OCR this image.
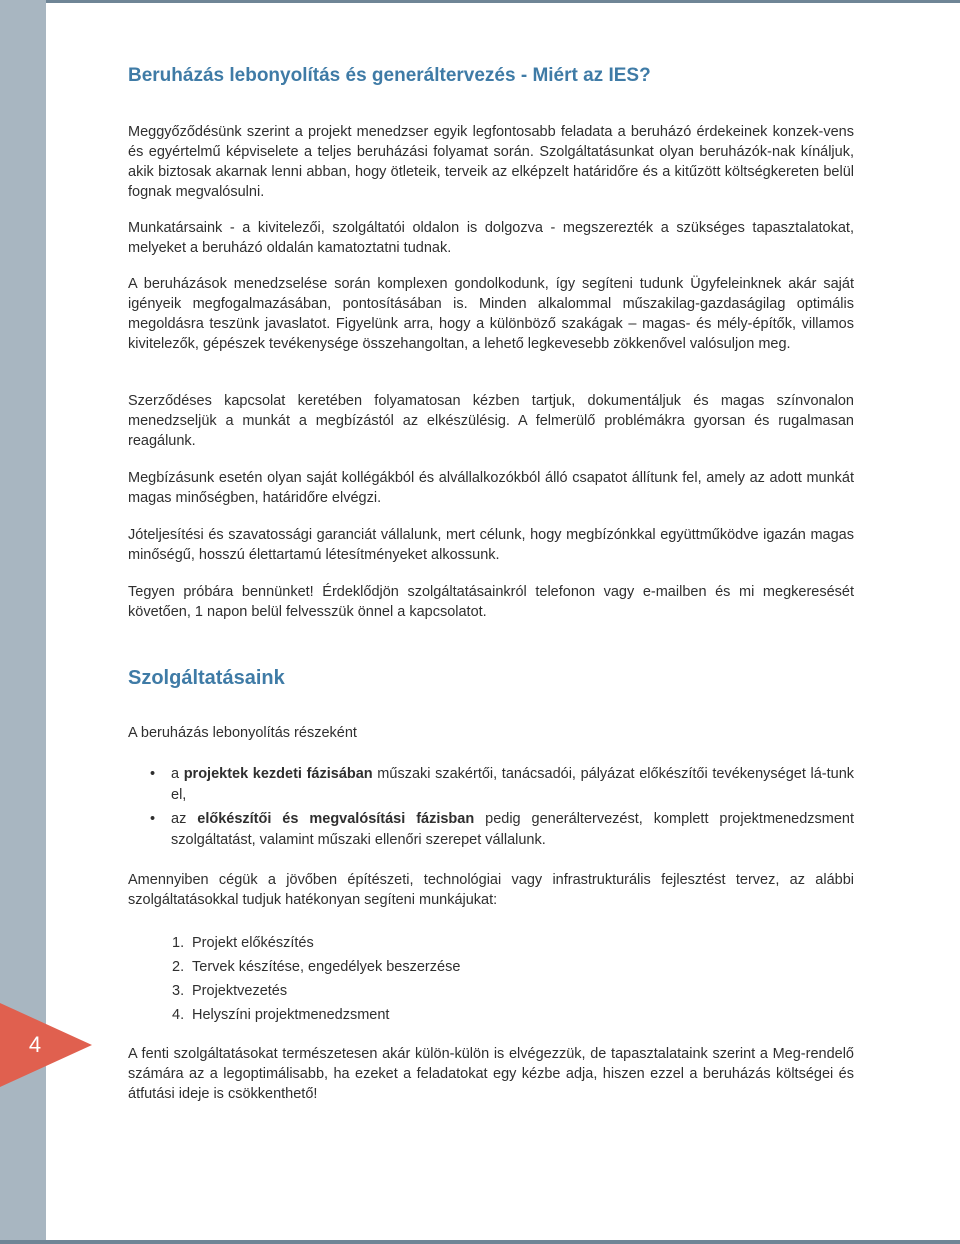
4
Beruházás lebonyolítás és generáltervezés - Miért az IES?

Meggyőződésünk szerint a projekt menedzser egyik legfontosabb feladata a beruházó érdekeinek konzek-vens és egyértelmű képviselete a teljes beruházási folyamat során. Szolgáltatásunkat olyan beruházók-nak kínáljuk, akik biztosak akarnak lenni abban, hogy ötleteik, terveik az elképzelt határidőre és a kitűzött költségkereten belül fognak megvalósulni.

Munkatársaink - a kivitelezői, szolgáltatói oldalon is dolgozva - megszerezték a szükséges tapasztalatokat, melyeket a beruházó oldalán kamatoztatni tudnak.

A beruházások menedzselése során komplexen gondolkodunk, így segíteni tudunk Ügyfeleinknek akár saját igényeik megfogalmazásában, pontosításában is. Minden alkalommal műszakilag-gazdaságilag optimális megoldásra teszünk javaslatot. Figyelünk arra, hogy a különböző szakágak – magas- és mély-építők, villamos kivitelezők, gépészek tevékenysége összehangoltan, a lehető legkevesebb zökkenővel valósuljon meg.

Szerződéses kapcsolat keretében folyamatosan kézben tartjuk, dokumentáljuk és magas színvonalon menedzseljük a munkát a megbízástól az elkészülésig. A felmerülő problémákra gyorsan és rugalmasan reagálunk.

Megbízásunk esetén olyan saját kollégákból és alvállalkozókból álló csapatot állítunk fel, amely az adott munkát magas minőségben, határidőre elvégzi.

Jóteljesítési és szavatossági garanciát vállalunk, mert célunk, hogy megbízónkkal együttműködve igazán magas minőségű, hosszú élettartamú létesítményeket alkossunk.

Tegyen próbára bennünket! Érdeklődjön szolgáltatásainkról telefonon vagy e-mailben és mi megkeresését követően, 1 napon belül felvesszük önnel a kapcsolatot.

Szolgáltatásaink

A beruházás lebonyolítás részeként

• a projektek kezdeti fázisában műszaki szakértői, tanácsadói, pályázat előkészítői tevékenységet lá-tunk el,
• az előkészítői és megvalósítási fázisban pedig generáltervezést, komplett projektmenedzsment szolgáltatást, valamint műszaki ellenőri szerepet vállalunk.

Amennyiben cégük a jövőben építészeti, technológiai vagy infrastrukturális fejlesztést tervez, az alábbi szolgáltatásokkal tudjuk hatékonyan segíteni munkájukat:

1. Projekt előkészítés
2. Tervek készítése, engedélyek beszerzése
3. Projektvezetés
4. Helyszíni projektmenedzsment

A fenti szolgáltatásokat természetesen akár külön-külön is elvégezzük, de tapasztalataink szerint a Meg-rendelő számára az a legoptimálisabb, ha ezeket a feladatokat egy kézbe adja, hiszen ezzel a beruházás költségei és átfutási ideje is csökkenthető!
